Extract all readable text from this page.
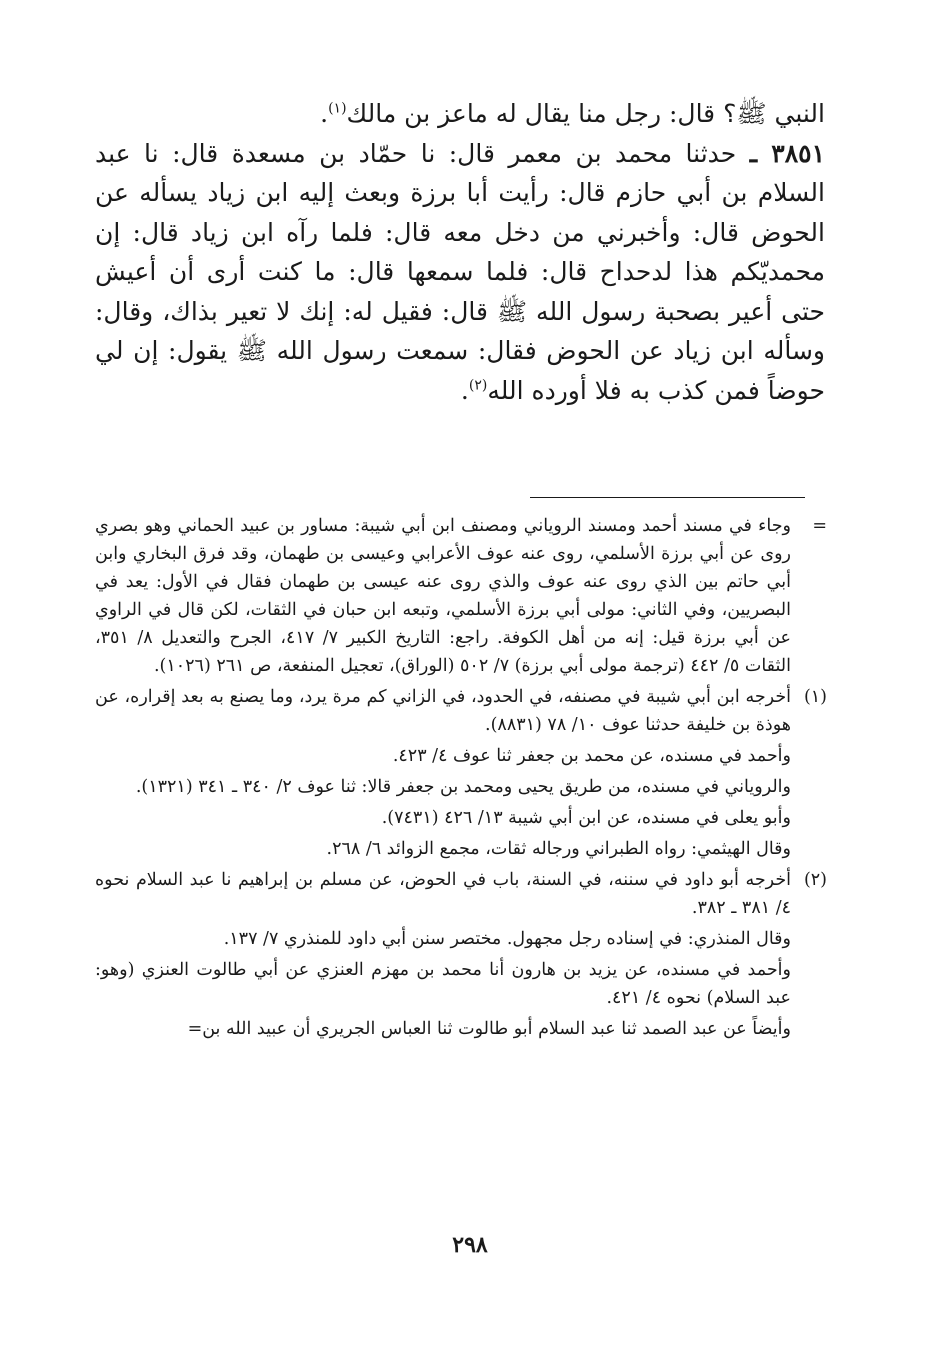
النبي ﷺ؟ قال: رجل منا يقال له ماعز بن مالك$^{(١)}$.

٣٨٥١ ـ حدثنا محمد بن معمر قال: نا حمّاد بن مسعدة قال: نا عبد السلام بن أبي حازم قال: رأيت أبا برزة وبعث إليه ابن زياد يسأله عن الحوض قال: وأخبرني من دخل معه قال: فلما رآه ابن زياد قال: إن محمديّكم هذا لدحداح قال: فلما سمعها قال: ما كنت أرى أن أعيش حتى أعير بصحبة رسول الله ﷺ قال: فقيل له: إنك لا تعير بذاك، وقال: وسأله ابن زياد عن الحوض فقال: سمعت رسول الله ﷺ يقول: إن لي حوضاً فمن كذب به فلا أورده الله$^{(٢)}$.

=

وجاء في مسند أحمد ومسند الروياني ومصنف ابن أبي شيبة: مساور بن عبيد الحماني وهو بصري روى عن أبي برزة الأسلمي، روى عنه عوف الأعرابي وعيسى بن طهمان، وقد فرق البخاري وابن أبي حاتم بين الذي روى عنه عوف والذي روى عنه عيسى بن طهمان فقال في الأول: يعد في البصريين، وفي الثاني: مولى أبي برزة الأسلمي، وتبعه ابن حبان في الثقات، لكن قال في الراوي عن أبي برزة قيل: إنه من أهل الكوفة. راجع: التاريخ الكبير ٧/ ٤١٧، الجرح والتعديل ٨/ ٣٥١، الثقات ٥/ ٤٤٢ (ترجمة مولى أبي برزة) ٧/ ٥٠٢ (الوراق)، تعجيل المنفعة، ص ٢٦١ (١٠٢٦).

(١)

أخرجه ابن أبي شيبة في مصنفه، في الحدود، في الزاني كم مرة يرد، وما يصنع به بعد إقراره، عن هوذة بن خليفة حدثنا عوف ١٠/ ٧٨ (٨٨٣١).

وأحمد في مسنده، عن محمد بن جعفر ثنا عوف ٤/ ٤٢٣.

والروياني في مسنده، من طريق يحيى ومحمد بن جعفر قالا: ثنا عوف ٢/ ٣٤٠ ـ ٣٤١ (١٣٢١).

وأبو يعلى في مسنده، عن ابن أبي شيبة ١٣/ ٤٢٦ (٧٤٣١).

وقال الهيثمي: رواه الطبراني ورجاله ثقات، مجمع الزوائد ٦/ ٢٦٨.

(٢)

أخرجه أبو داود في سننه، في السنة، باب في الحوض، عن مسلم بن إبراهيم نا عبد السلام نحوه ٤/ ٣٨١ ـ ٣٨٢.

وقال المنذري: في إسناده رجل مجهول. مختصر سنن أبي داود للمنذري ٧/ ١٣٧.

وأحمد في مسنده، عن يزيد بن هارون أنا محمد بن مهزم العنزي عن أبي طالوت العنزي (وهو: عبد السلام) نحوه ٤/ ٤٢١.

وأيضاً عن عبد الصمد ثنا عبد السلام أبو طالوت ثنا العباس الجريري أن عبيد الله بن=

٢٩٨
